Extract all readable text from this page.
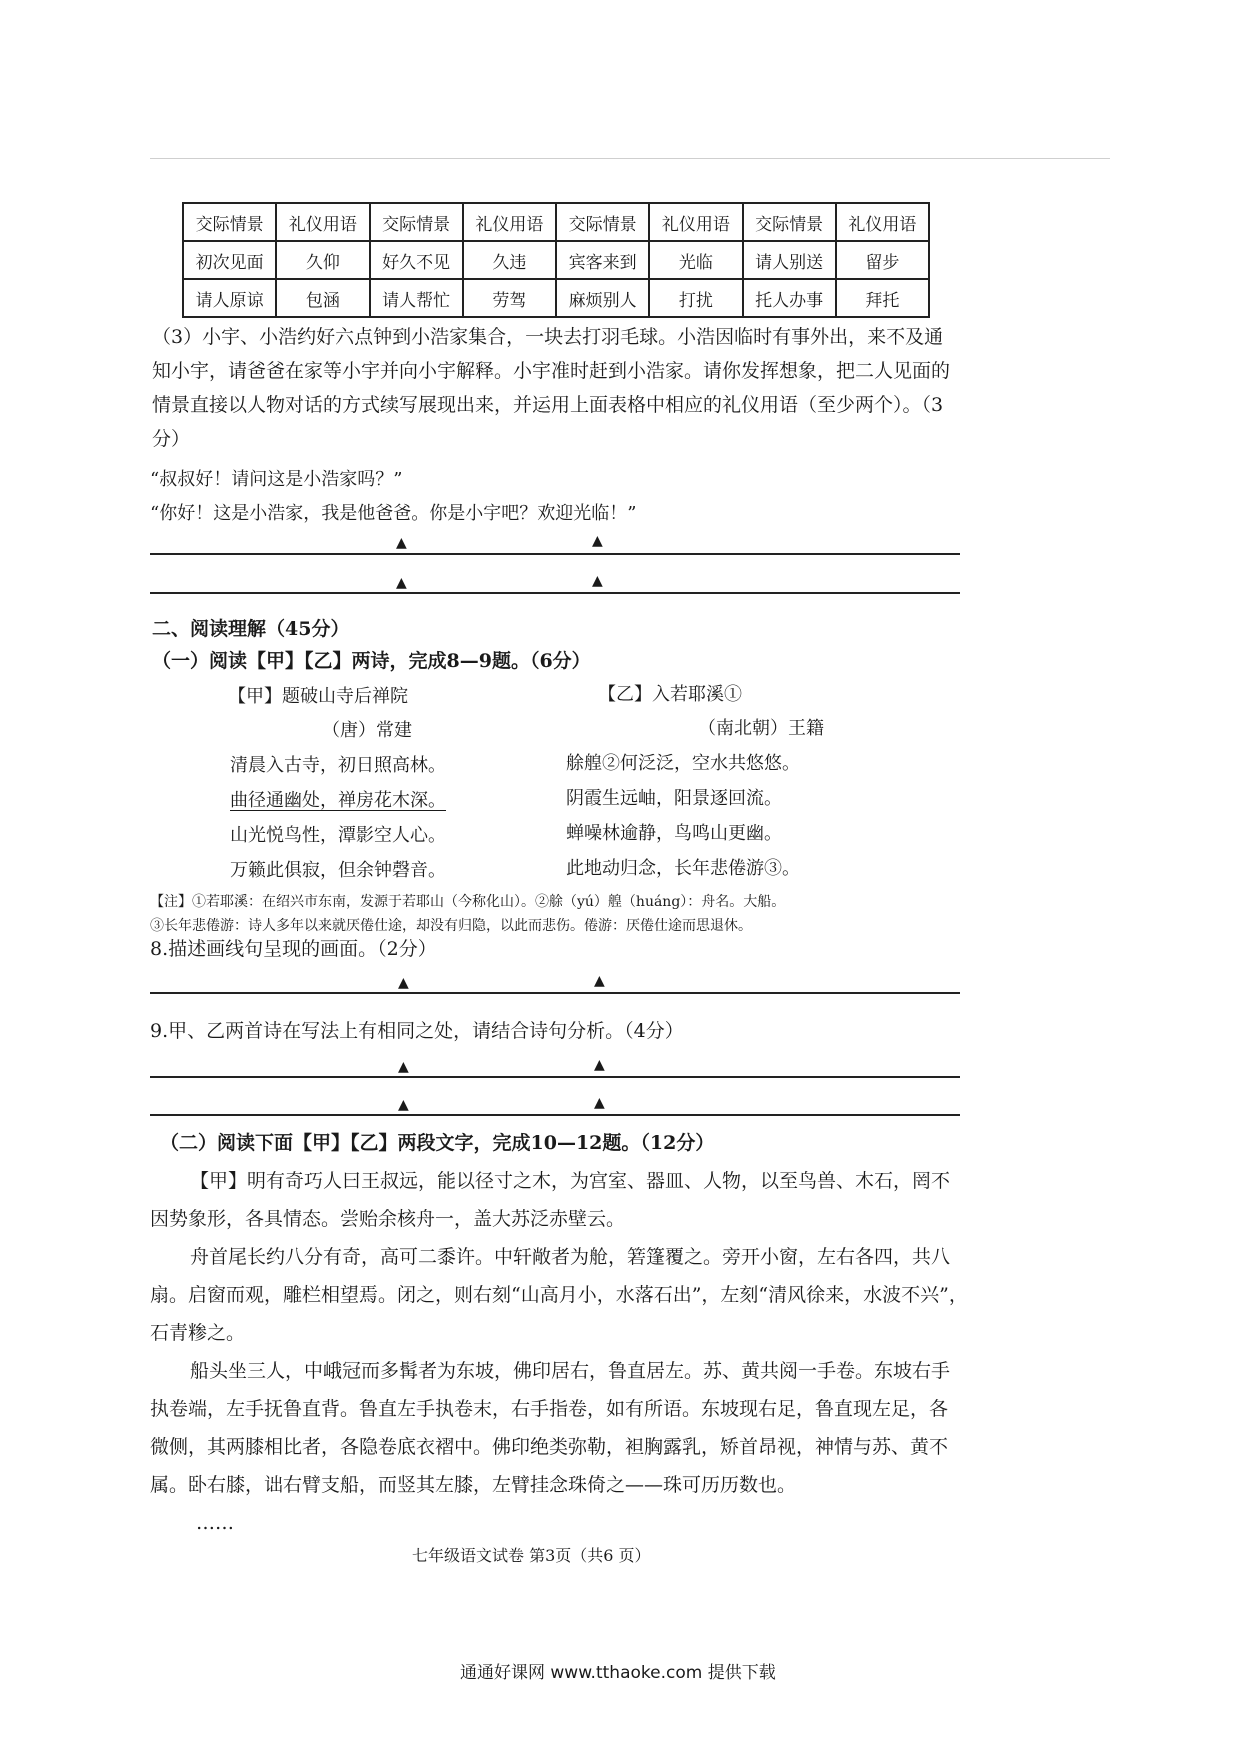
交际情景	礼仪用语	交际情景	礼仪用语	交际情景	礼仪用语	交际情景	礼仪用语
初次见面	久仰	好久不见	久违	宾客来到	光临	请人别送	留步
请人原谅	包涵	请人帮忙	劳驾	麻烦别人	打扰	托人办事	拜托
（3）小宇、小浩约好六点钟到小浩家集合，一块去打羽毛球。小浩因临时有事外出，来不及通
知小宇，请爸爸在家等小宇并向小宇解释。小宇准时赶到小浩家。请你发挥想象，把二人见面的
情景直接以人物对话的方式续写展现出来，并运用上面表格中相应的礼仪用语（至少两个）。（3
分）
“叔叔好！请问这是小浩家吗？”
“你好！这是小浩家，我是他爸爸。你是小宇吧？欢迎光临！”
▲	▲
▲	▲
二、阅读理解（45分）
（一）阅读【甲】【乙】两诗，完成8—9题。（6分）
【甲】题破山寺后禅院
（唐）常建
清晨入古寺，初日照高林。
曲径通幽处，禅房花木深。
山光悦鸟性，潭影空人心。
万籁此俱寂，但余钟磬音。
【乙】入若耶溪①
（南北朝）王籍
艅艎②何泛泛，空水共悠悠。
阴霞生远岫，阳景逐回流。
蝉噪林逾静，鸟鸣山更幽。
此地动归念，长年悲倦游③。
【注】①若耶溪：在绍兴市东南，发源于若耶山（今称化山）。②艅（yú）艎（huáng）：舟名。大船。
③长年悲倦游：诗人多年以来就厌倦仕途，却没有归隐，以此而悲伤。倦游：厌倦仕途而思退休。
8.描述画线句呈现的画面。（2分）
▲	▲
9.甲、乙两首诗在写法上有相同之处，请结合诗句分析。（4分）
▲	▲
▲	▲
（二）阅读下面【甲】【乙】两段文字，完成10—12题。（12分）
【甲】明有奇巧人曰王叔远，能以径寸之木，为宫室、器皿、人物，以至鸟兽、木石，罔不
因势象形，各具情态。尝贻余核舟一，盖大苏泛赤壁云。
舟首尾长约八分有奇，高可二黍许。中轩敞者为舱，箬篷覆之。旁开小窗，左右各四，共八
扇。启窗而观，雕栏相望焉。闭之，则右刻“山高月小，水落石出”，左刻“清风徐来，水波不兴”，
石青糁之。
船头坐三人，中峨冠而多髯者为东坡，佛印居右，鲁直居左。苏、黄共阅一手卷。东坡右手
执卷端，左手抚鲁直背。鲁直左手执卷末，右手指卷，如有所语。东坡现右足，鲁直现左足，各
微侧，其两膝相比者，各隐卷底衣褶中。佛印绝类弥勒，袒胸露乳，矫首昂视，神情与苏、黄不
属。卧右膝，诎右臂支船，而竖其左膝，左臂挂念珠倚之——珠可历历数也。
……
七年级语文试卷 第3页（共6 页）
通通好课网 www.tthaoke.com 提供下载
